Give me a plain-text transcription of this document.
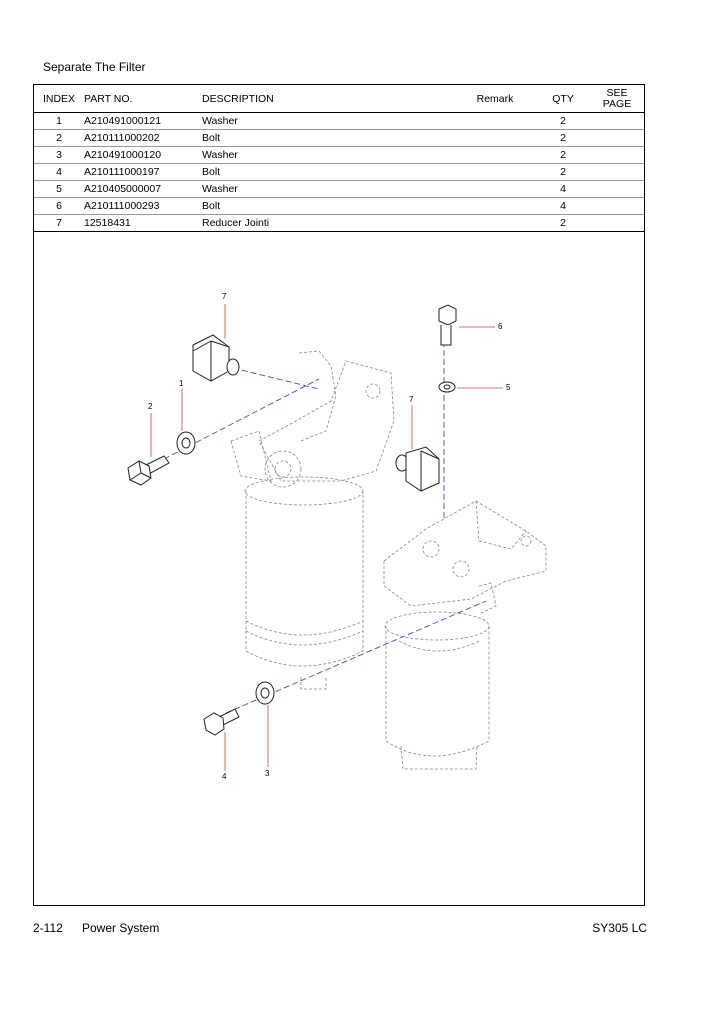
Separate The Filter
INDEX	PART NO.	DESCRIPTION	Remark	QTY	SEE
PAGE
1	A210491000121	Washer		2	
2	A210111000202	Bolt		2	
3	A210491000120	Washer		2	
4	A210111000197	Bolt		2	
5	A210405000007	Washer		4	
6	A210111000293	Bolt		4	
7	12518431	Reducer Jointi		2	
7
1
2
7
6
5
4	3
2-112 Power System	SY305 LC
